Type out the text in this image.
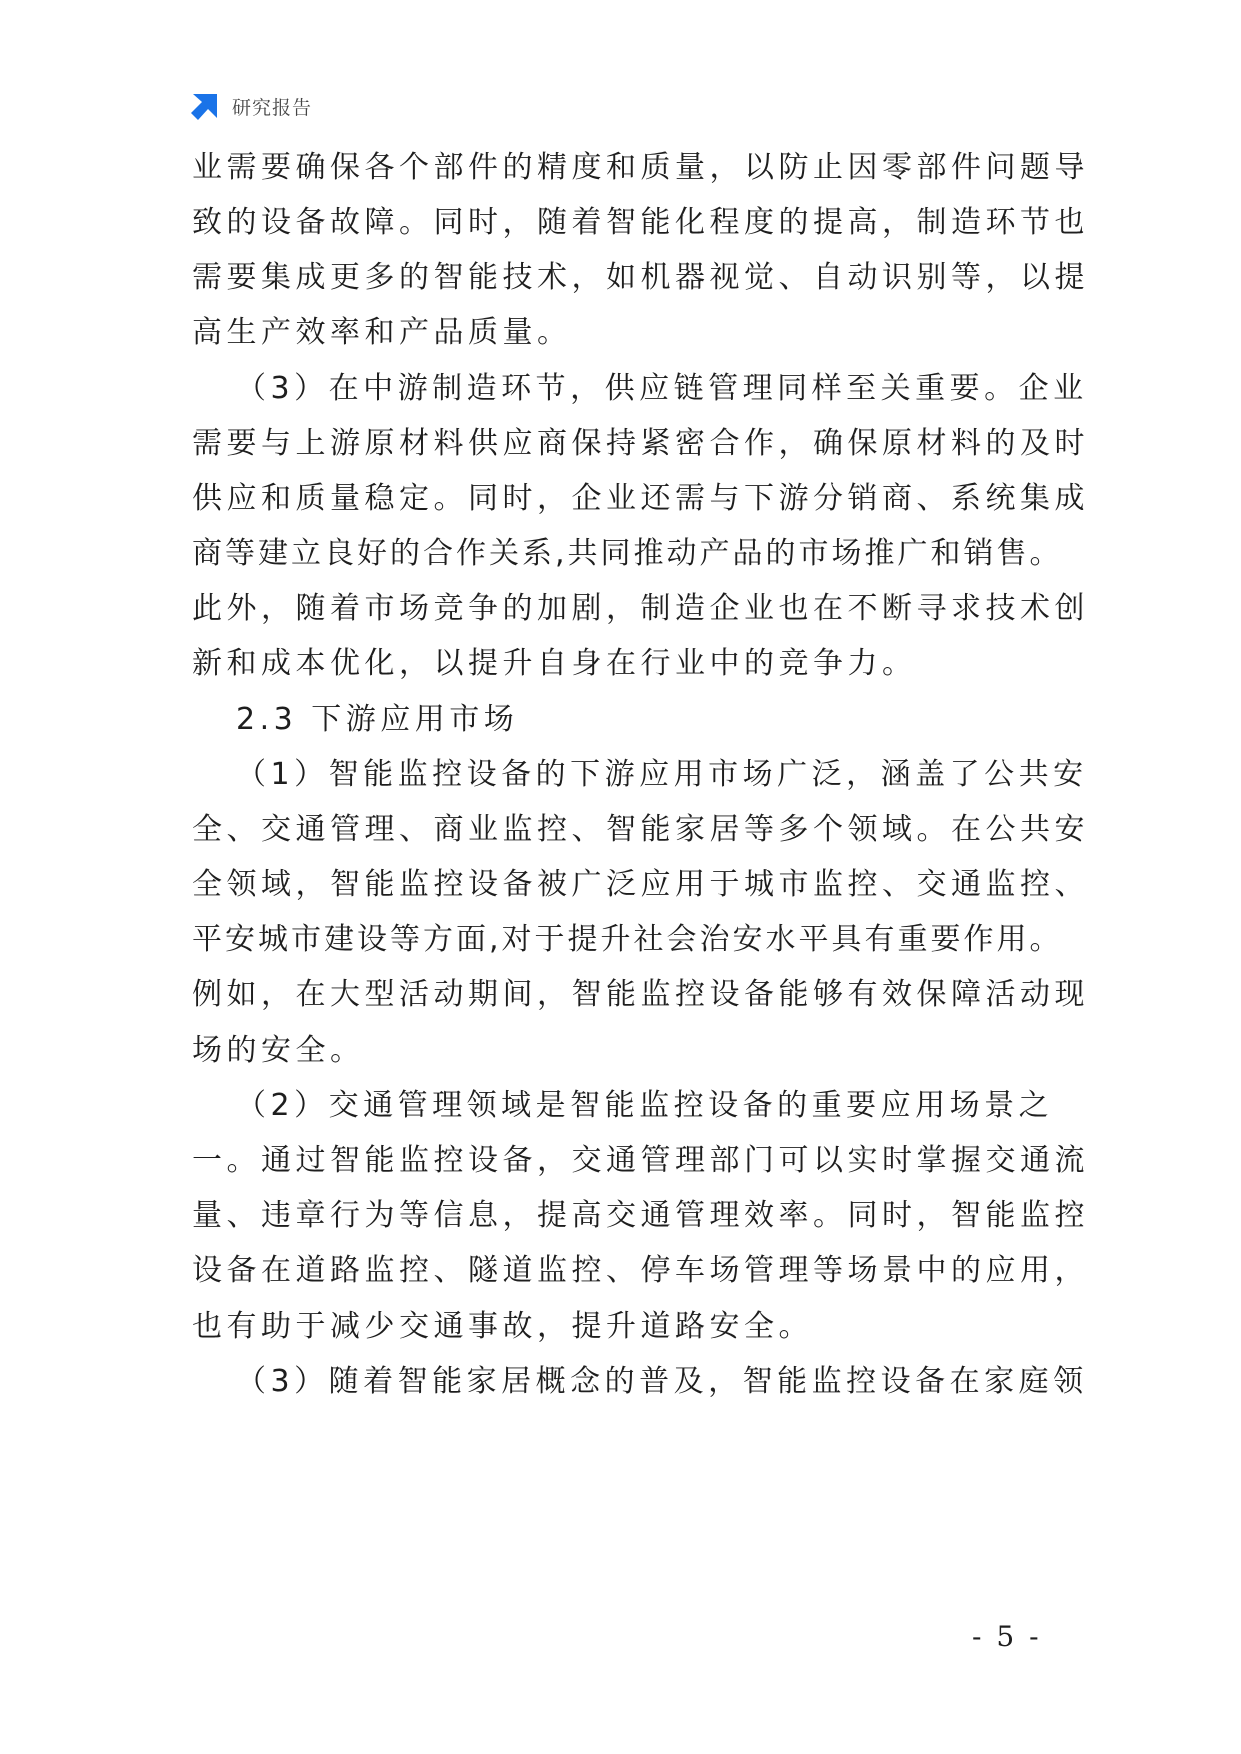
研究报告
业需要确保各个部件的精度和质量，以防止因零部件问题导
致的设备故障。同时，随着智能化程度的提高，制造环节也
需要集成更多的智能技术，如机器视觉、自动识别等，以提
高生产效率和产品质量。
（3）在中游制造环节，供应链管理同样至关重要。企业
需要与上游原材料供应商保持紧密合作，确保原材料的及时
供应和质量稳定。同时，企业还需与下游分销商、系统集成
商等建立良好的合作关系,共同推动产品的市场推广和销售。
此外，随着市场竞争的加剧，制造企业也在不断寻求技术创
新和成本优化，以提升自身在行业中的竞争力。
2.3 下游应用市场
（1）智能监控设备的下游应用市场广泛，涵盖了公共安
全、交通管理、商业监控、智能家居等多个领域。在公共安
全领域，智能监控设备被广泛应用于城市监控、交通监控、
平安城市建设等方面,对于提升社会治安水平具有重要作用。
例如，在大型活动期间，智能监控设备能够有效保障活动现
场的安全。
（2）交通管理领域是智能监控设备的重要应用场景之
一。通过智能监控设备，交通管理部门可以实时掌握交通流
量、违章行为等信息，提高交通管理效率。同时，智能监控
设备在道路监控、隧道监控、停车场管理等场景中的应用，
也有助于减少交通事故，提升道路安全。
（3）随着智能家居概念的普及，智能监控设备在家庭领
- 5 -
